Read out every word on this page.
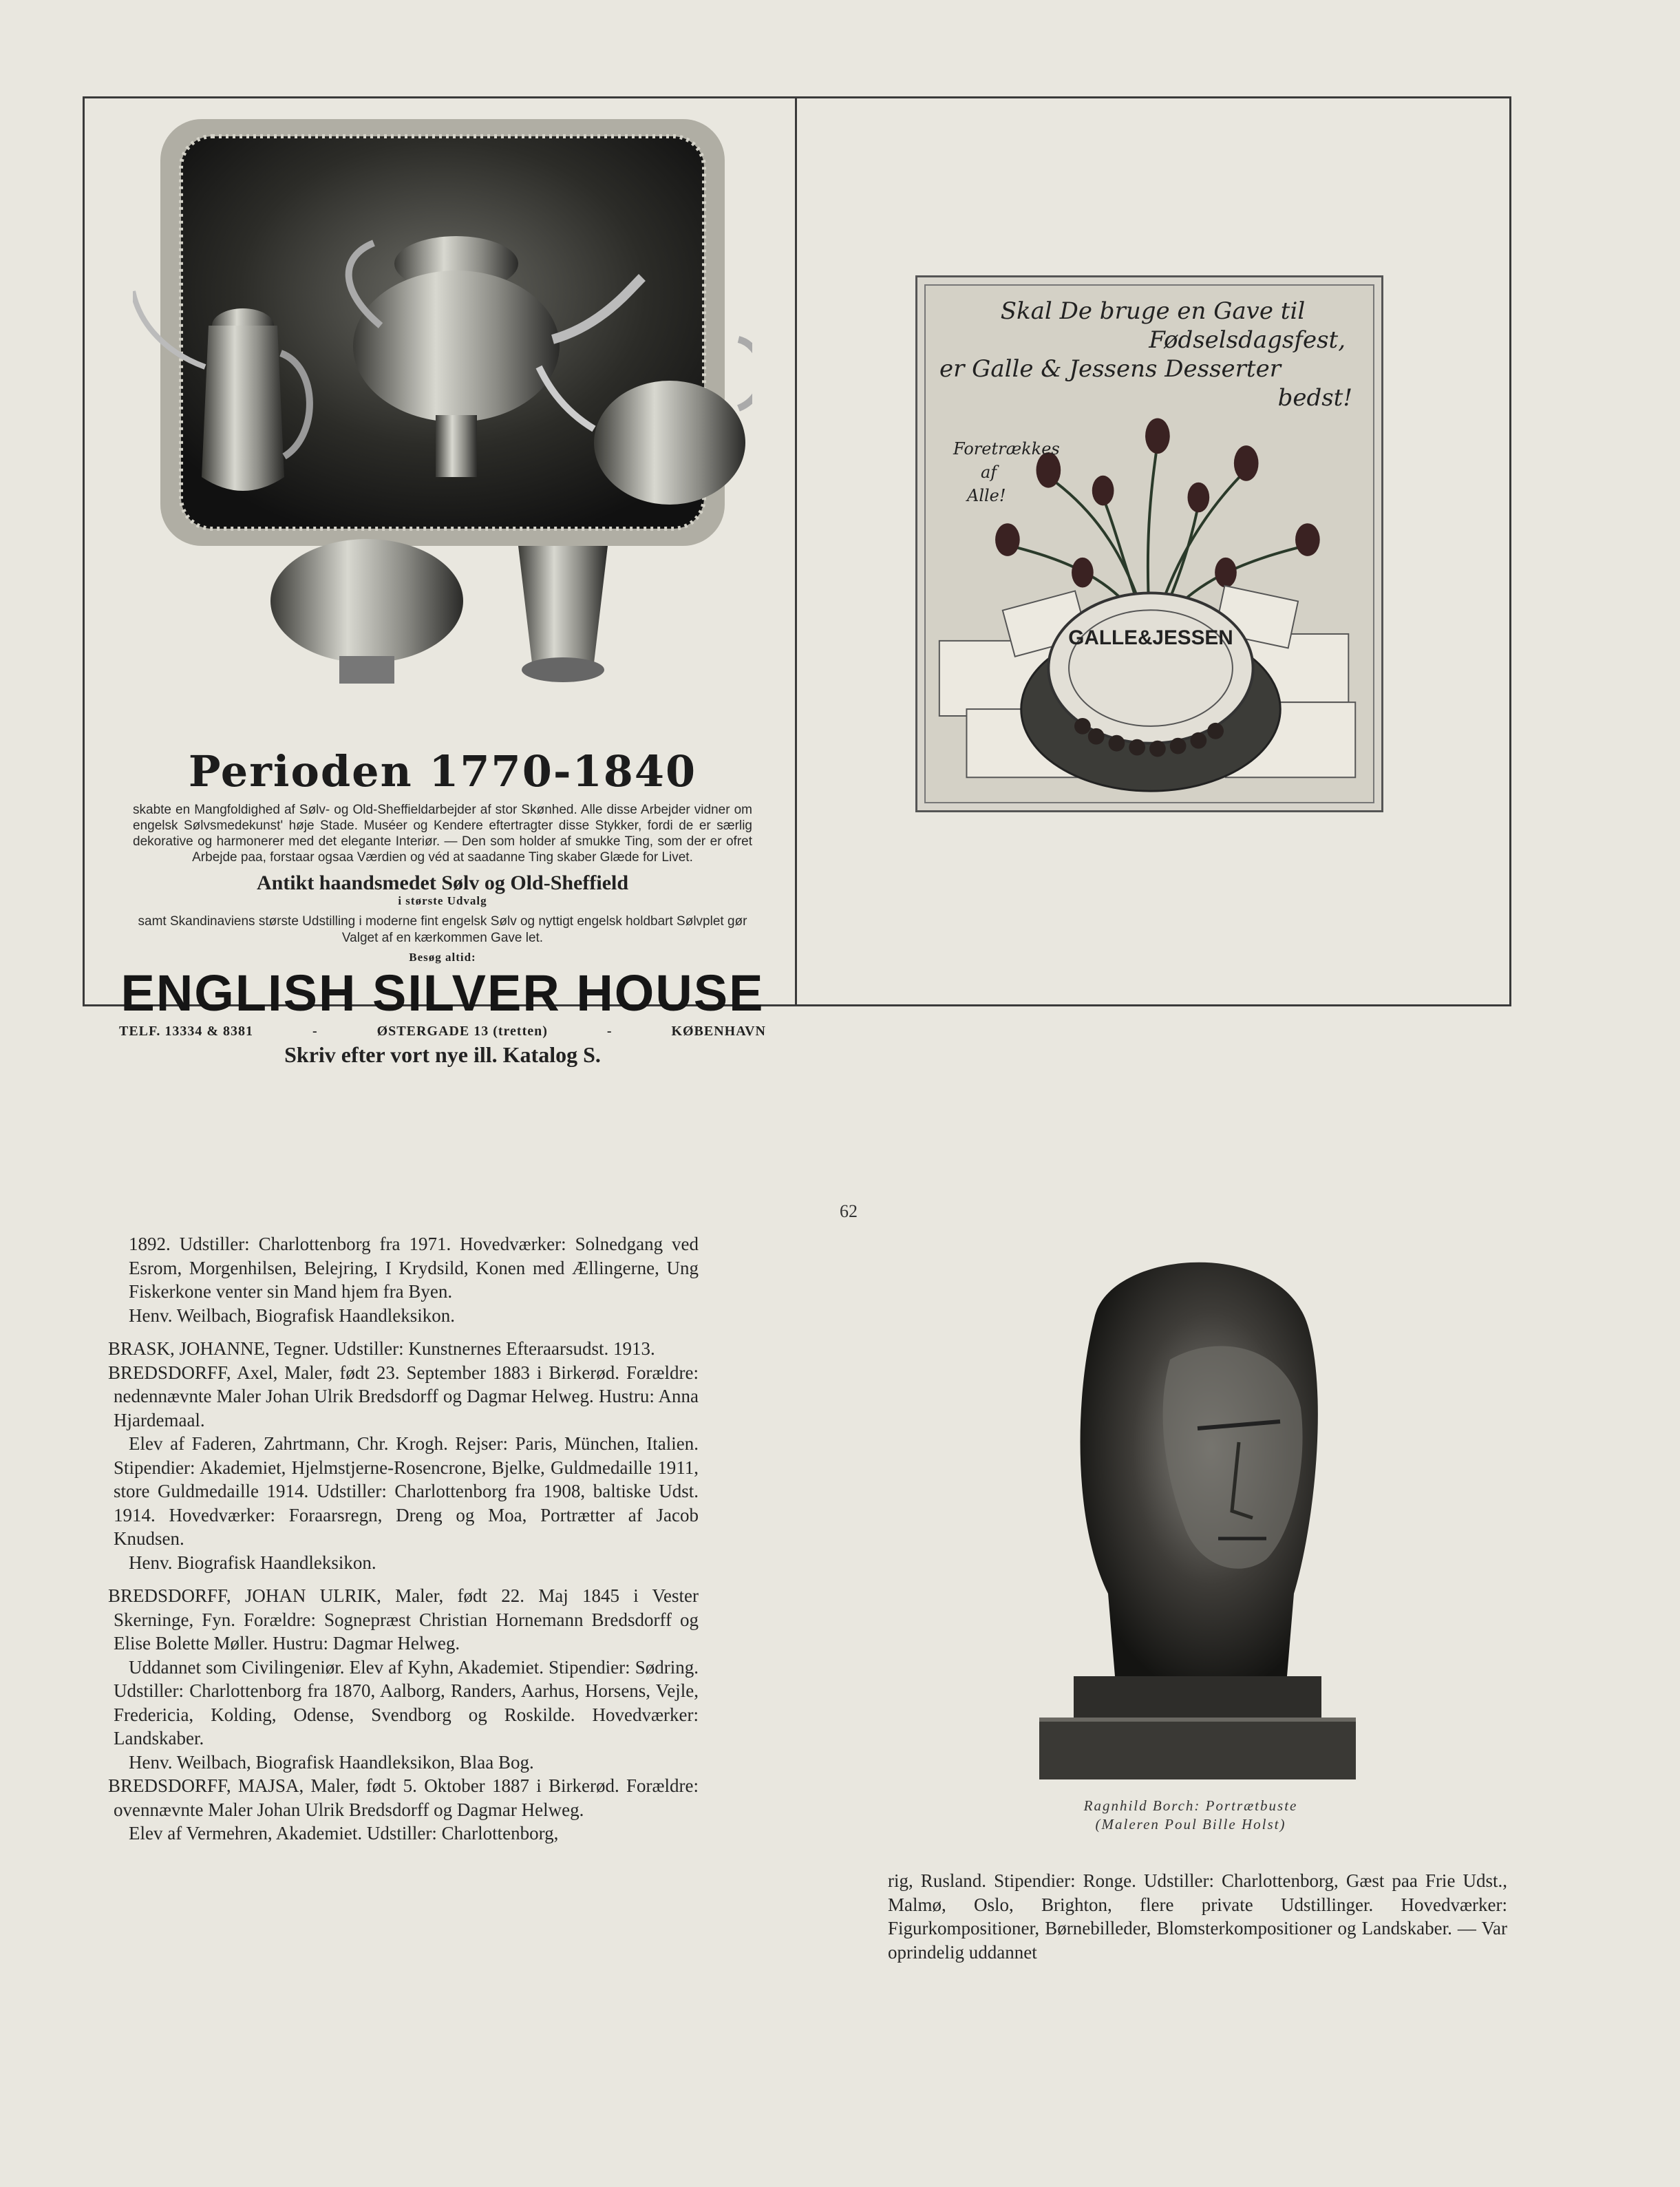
Perioden 1770-1840

skabte en Mangfoldighed af Sølv- og Old-Sheffieldarbejder af stor Skønhed. Alle disse Arbejder vidner om engelsk Sølvsmedekunst' høje Stade. Muséer og Kendere eftertragter disse Stykker, fordi de er særlig dekorative og harmonerer med det elegante Interiør. — Den som holder af smukke Ting, som der er ofret Arbejde paa, forstaar ogsaa Værdien og véd at saadanne Ting skaber Glæde for Livet.

Antikt haandsmedet Sølv og Old-Sheffield

i største Udvalg

samt Skandinaviens største Udstilling i moderne fint engelsk Sølv og nyttigt engelsk holdbart Sølvplet gør Valget af en kærkommen Gave let.

Besøg altid:

ENGLISH SILVER HOUSE

TELF. 13334 & 8381	-	ØSTERGADE 13 (tretten)	-	KØBENHAVN

Skriv efter vort nye ill. Katalog S.

GALLE&JESSEN
Skal De bruge en Gave til
Fødselsdagsfest,
er Galle & Jessens Desserter
bedst!
Foretrækkes
af
Alle!
62

1892. Udstiller: Charlottenborg fra 1971. Hovedværker: Solnedgang ved Esrom, Morgenhilsen, Belejring, I Krydsild, Konen med Ællingerne, Ung Fiskerkone venter sin Mand hjem fra Byen.

Henv. Weilbach, Biografisk Haandleksikon.

BRASK, JOHANNE, Tegner. Udstiller: Kunstnernes Efteraarsudst. 1913.

BREDSDORFF, Axel, Maler, født 23. September 1883 i Birkerød. Forældre: nedennævnte Maler Johan Ulrik Bredsdorff og Dagmar Helweg. Hustru: Anna Hjardemaal.

Elev af Faderen, Zahrtmann, Chr. Krogh. Rejser: Paris, München, Italien. Stipendier: Akademiet, Hjelmstjerne-Rosencrone, Bjelke, Guldmedaille 1911, store Guldmedaille 1914. Udstiller: Charlottenborg fra 1908, baltiske Udst. 1914. Hovedværker: Foraarsregn, Dreng og Moa, Portrætter af Jacob Knudsen.

Henv. Biografisk Haandleksikon.

BREDSDORFF, JOHAN ULRIK, Maler, født 22. Maj 1845 i Vester Skerninge, Fyn. Forældre: Sognepræst Christian Hornemann Bredsdorff og Elise Bolette Møller. Hustru: Dagmar Helweg.

Uddannet som Civilingeniør. Elev af Kyhn, Akademiet. Stipendier: Sødring. Udstiller: Charlottenborg fra 1870, Aalborg, Randers, Aarhus, Horsens, Vejle, Fredericia, Kolding, Odense, Svendborg og Roskilde. Hovedværker: Landskaber.

Henv. Weilbach, Biografisk Haandleksikon, Blaa Bog.

BREDSDORFF, MAJSA, Maler, født 5. Oktober 1887 i Birkerød. Forældre: ovennævnte Maler Johan Ulrik Bredsdorff og Dagmar Helweg.

Elev af Vermehren, Akademiet. Udstiller: Charlottenborg,

Ragnhild Borch: Portrætbuste
(Maleren Poul Bille Holst)

rig, Rusland. Stipendier: Ronge. Udstiller: Charlottenborg, Gæst paa Frie Udst., Malmø, Oslo, Brighton, flere private Udstillinger. Hovedværker: Figurkompositioner, Børnebilleder, Blomsterkompositioner og Landskaber. — Var oprindelig uddannet
